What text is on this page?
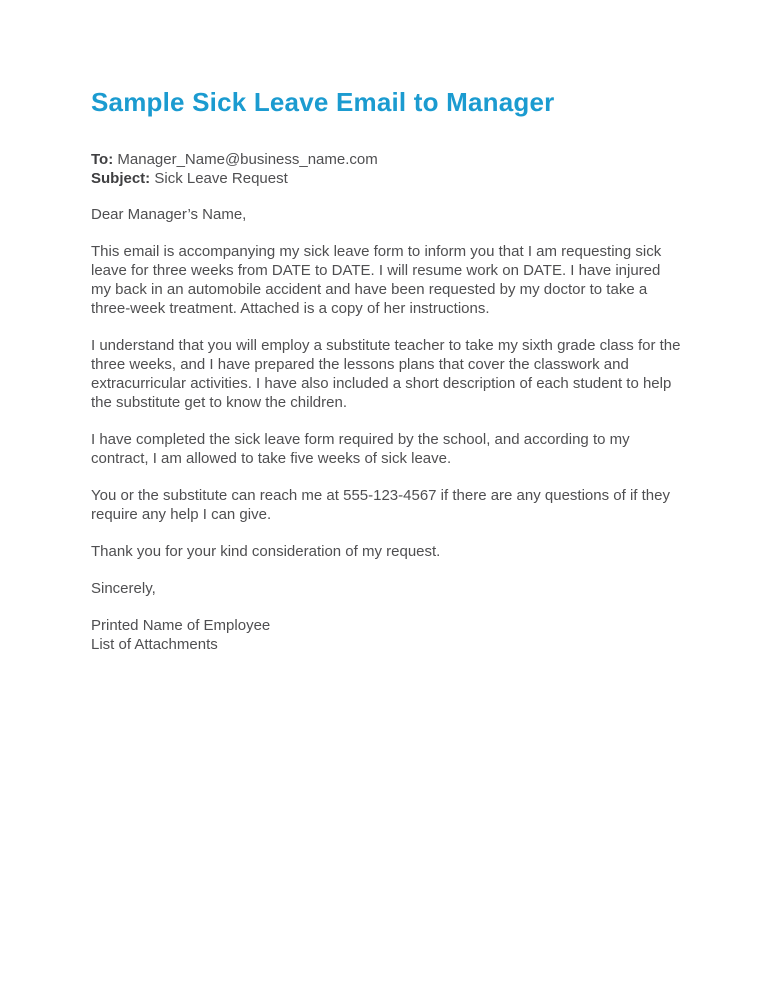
Sample Sick Leave Email to Manager

To: Manager_Name@business_name.com

Subject: Sick Leave Request

Dear Manager’s Name,

This email is accompanying my sick leave form to inform you that I am requesting sick leave for three weeks from DATE to DATE. I will resume work on DATE. I have injured my back in an automobile accident and have been requested by my doctor to take a three-week treatment. Attached is a copy of her instructions.

I understand that you will employ a substitute teacher to take my sixth grade class for the three weeks, and I have prepared the lessons plans that cover the classwork and extracurricular activities. I have also included a short description of each student to help the substitute get to know the children.

I have completed the sick leave form required by the school, and according to my contract, I am allowed to take five weeks of sick leave.

You or the substitute can reach me at 555-123-4567 if there are any questions of if they require any help I can give.

Thank you for your kind consideration of my request.

Sincerely,

Printed Name of Employee

List of Attachments
